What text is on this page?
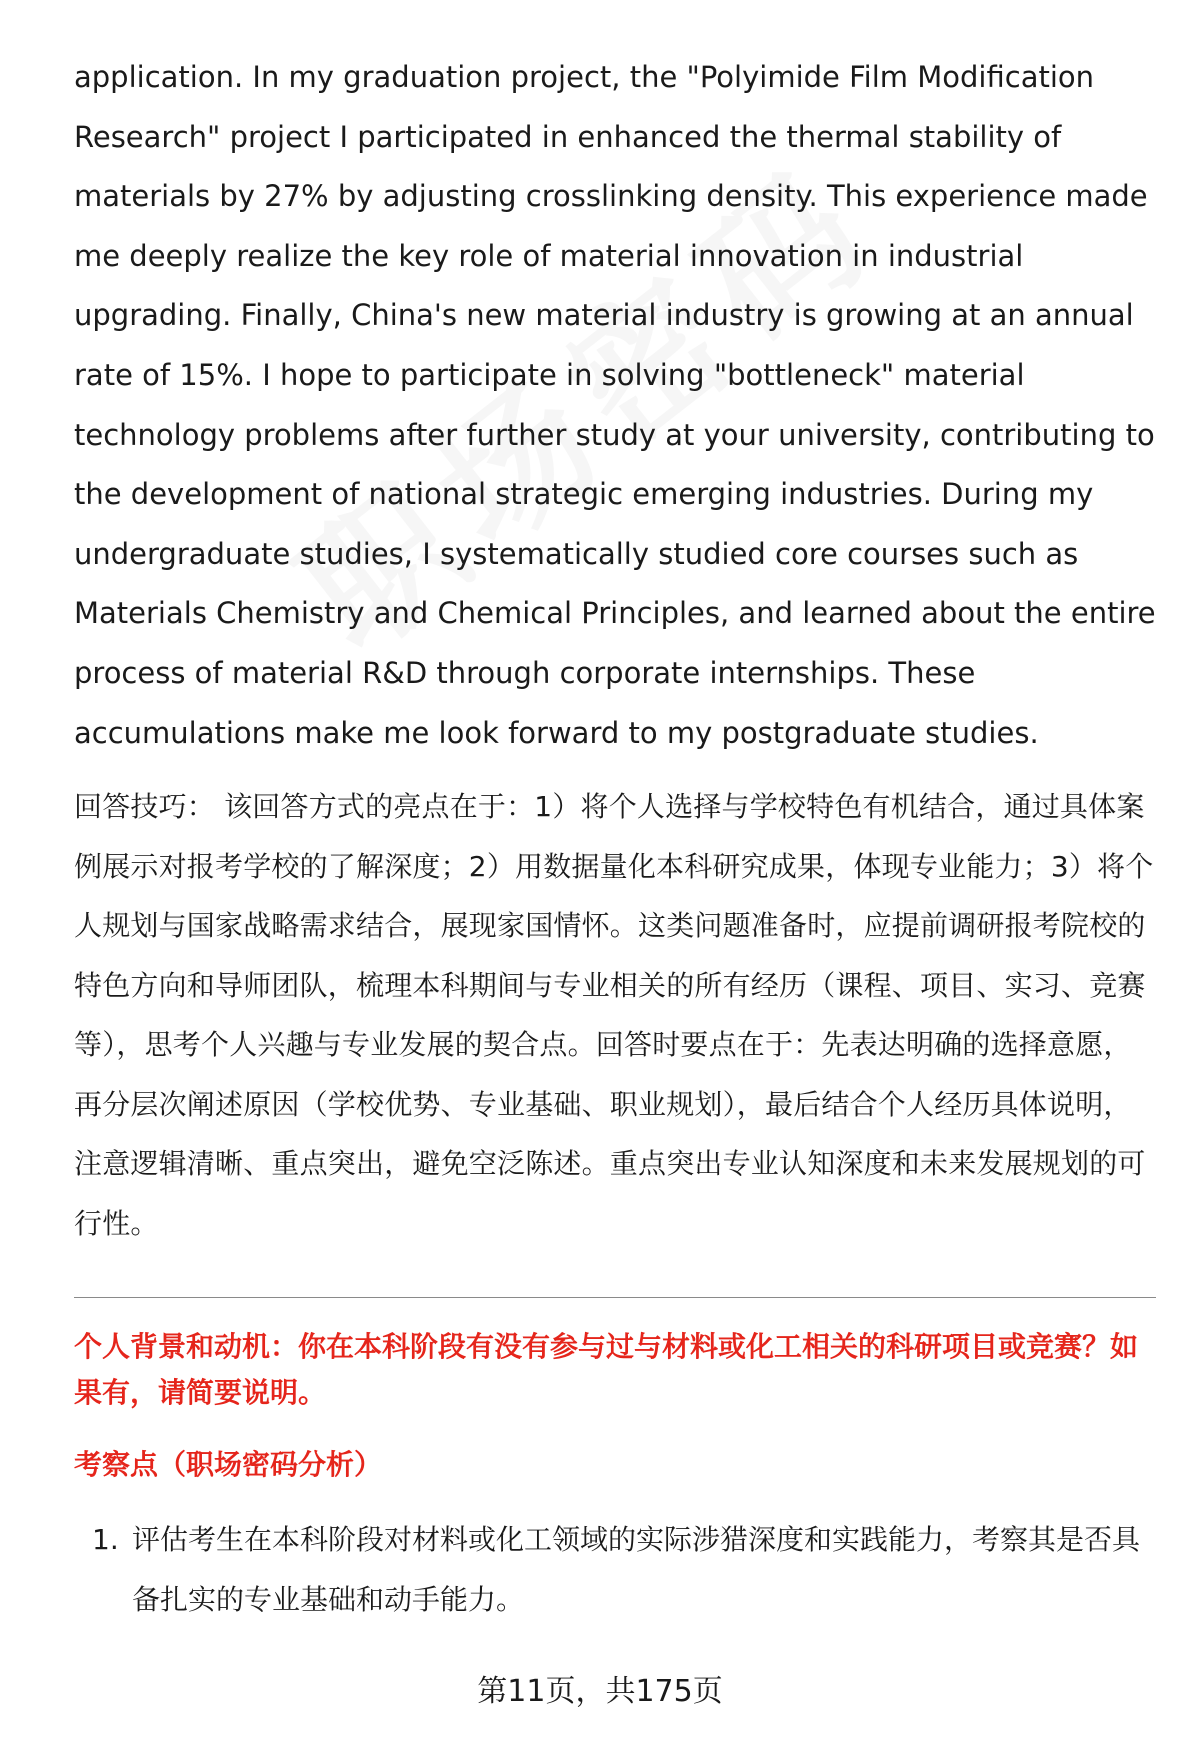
application. In my graduation project, the "Polyimide Film Modification Research" project I participated in enhanced the thermal stability of materials by 27% by adjusting crosslinking density. This experience made me deeply realize the key role of material innovation in industrial upgrading. Finally, China's new material industry is growing at an annual rate of 15%. I hope to participate in solving "bottleneck" material technology problems after further study at your university, contributing to the development of national strategic emerging industries. During my undergraduate studies, I systematically studied core courses such as Materials Chemistry and Chemical Principles, and learned about the entire process of material R&D through corporate internships. These accumulations make me look forward to my postgraduate studies.

回答技巧： 该回答方式的亮点在于：1）将个人选择与学校特色有机结合，通过具体案例展示对报考学校的了解深度；2）用数据量化本科研究成果，体现专业能力；3）将个人规划与国家战略需求结合，展现家国情怀。这类问题准备时，应提前调研报考院校的特色方向和导师团队，梳理本科期间与专业相关的所有经历（课程、项目、实习、竞赛等），思考个人兴趣与专业发展的契合点。回答时要点在于：先表达明确的选择意愿，再分层次阐述原因（学校优势、专业基础、职业规划），最后结合个人经历具体说明，注意逻辑清晰、重点突出，避免空泛陈述。重点突出专业认知深度和未来发展规划的可行性。

个人背景和动机：你在本科阶段有没有参与过与材料或化工相关的科研项目或竞赛？如果有，请简要说明。
考察点（职场密码分析）
1. 评估考生在本科阶段对材料或化工领域的实际涉猎深度和实践能力，考察其是否具备扎实的专业基础和动手能力。
第11页，共175页
